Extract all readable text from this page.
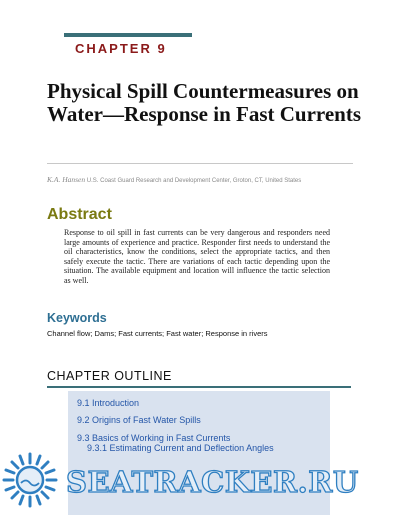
CHAPTER 9
Physical Spill Countermeasures on Water—Response in Fast Currents
K.A. Hansen U.S. Coast Guard Research and Development Center, Groton, CT, United States
Abstract
Response to oil spill in fast currents can be very dangerous and responders need large amounts of experience and practice. Responder first needs to understand the oil characteristics, know the conditions, select the appropriate tactics, and then safely execute the tactic. There are variations of each tactic depending upon the situation. The available equipment and location will influence the tactic selection as well.
Keywords
Channel flow; Dams; Fast currents; Fast water; Response in rivers
CHAPTER OUTLINE
9.1 Introduction
9.2 Origins of Fast Water Spills
9.3 Basics of Working in Fast Currents
9.3.1 Estimating Current and Deflection Angles
SEATRACKER.RU
